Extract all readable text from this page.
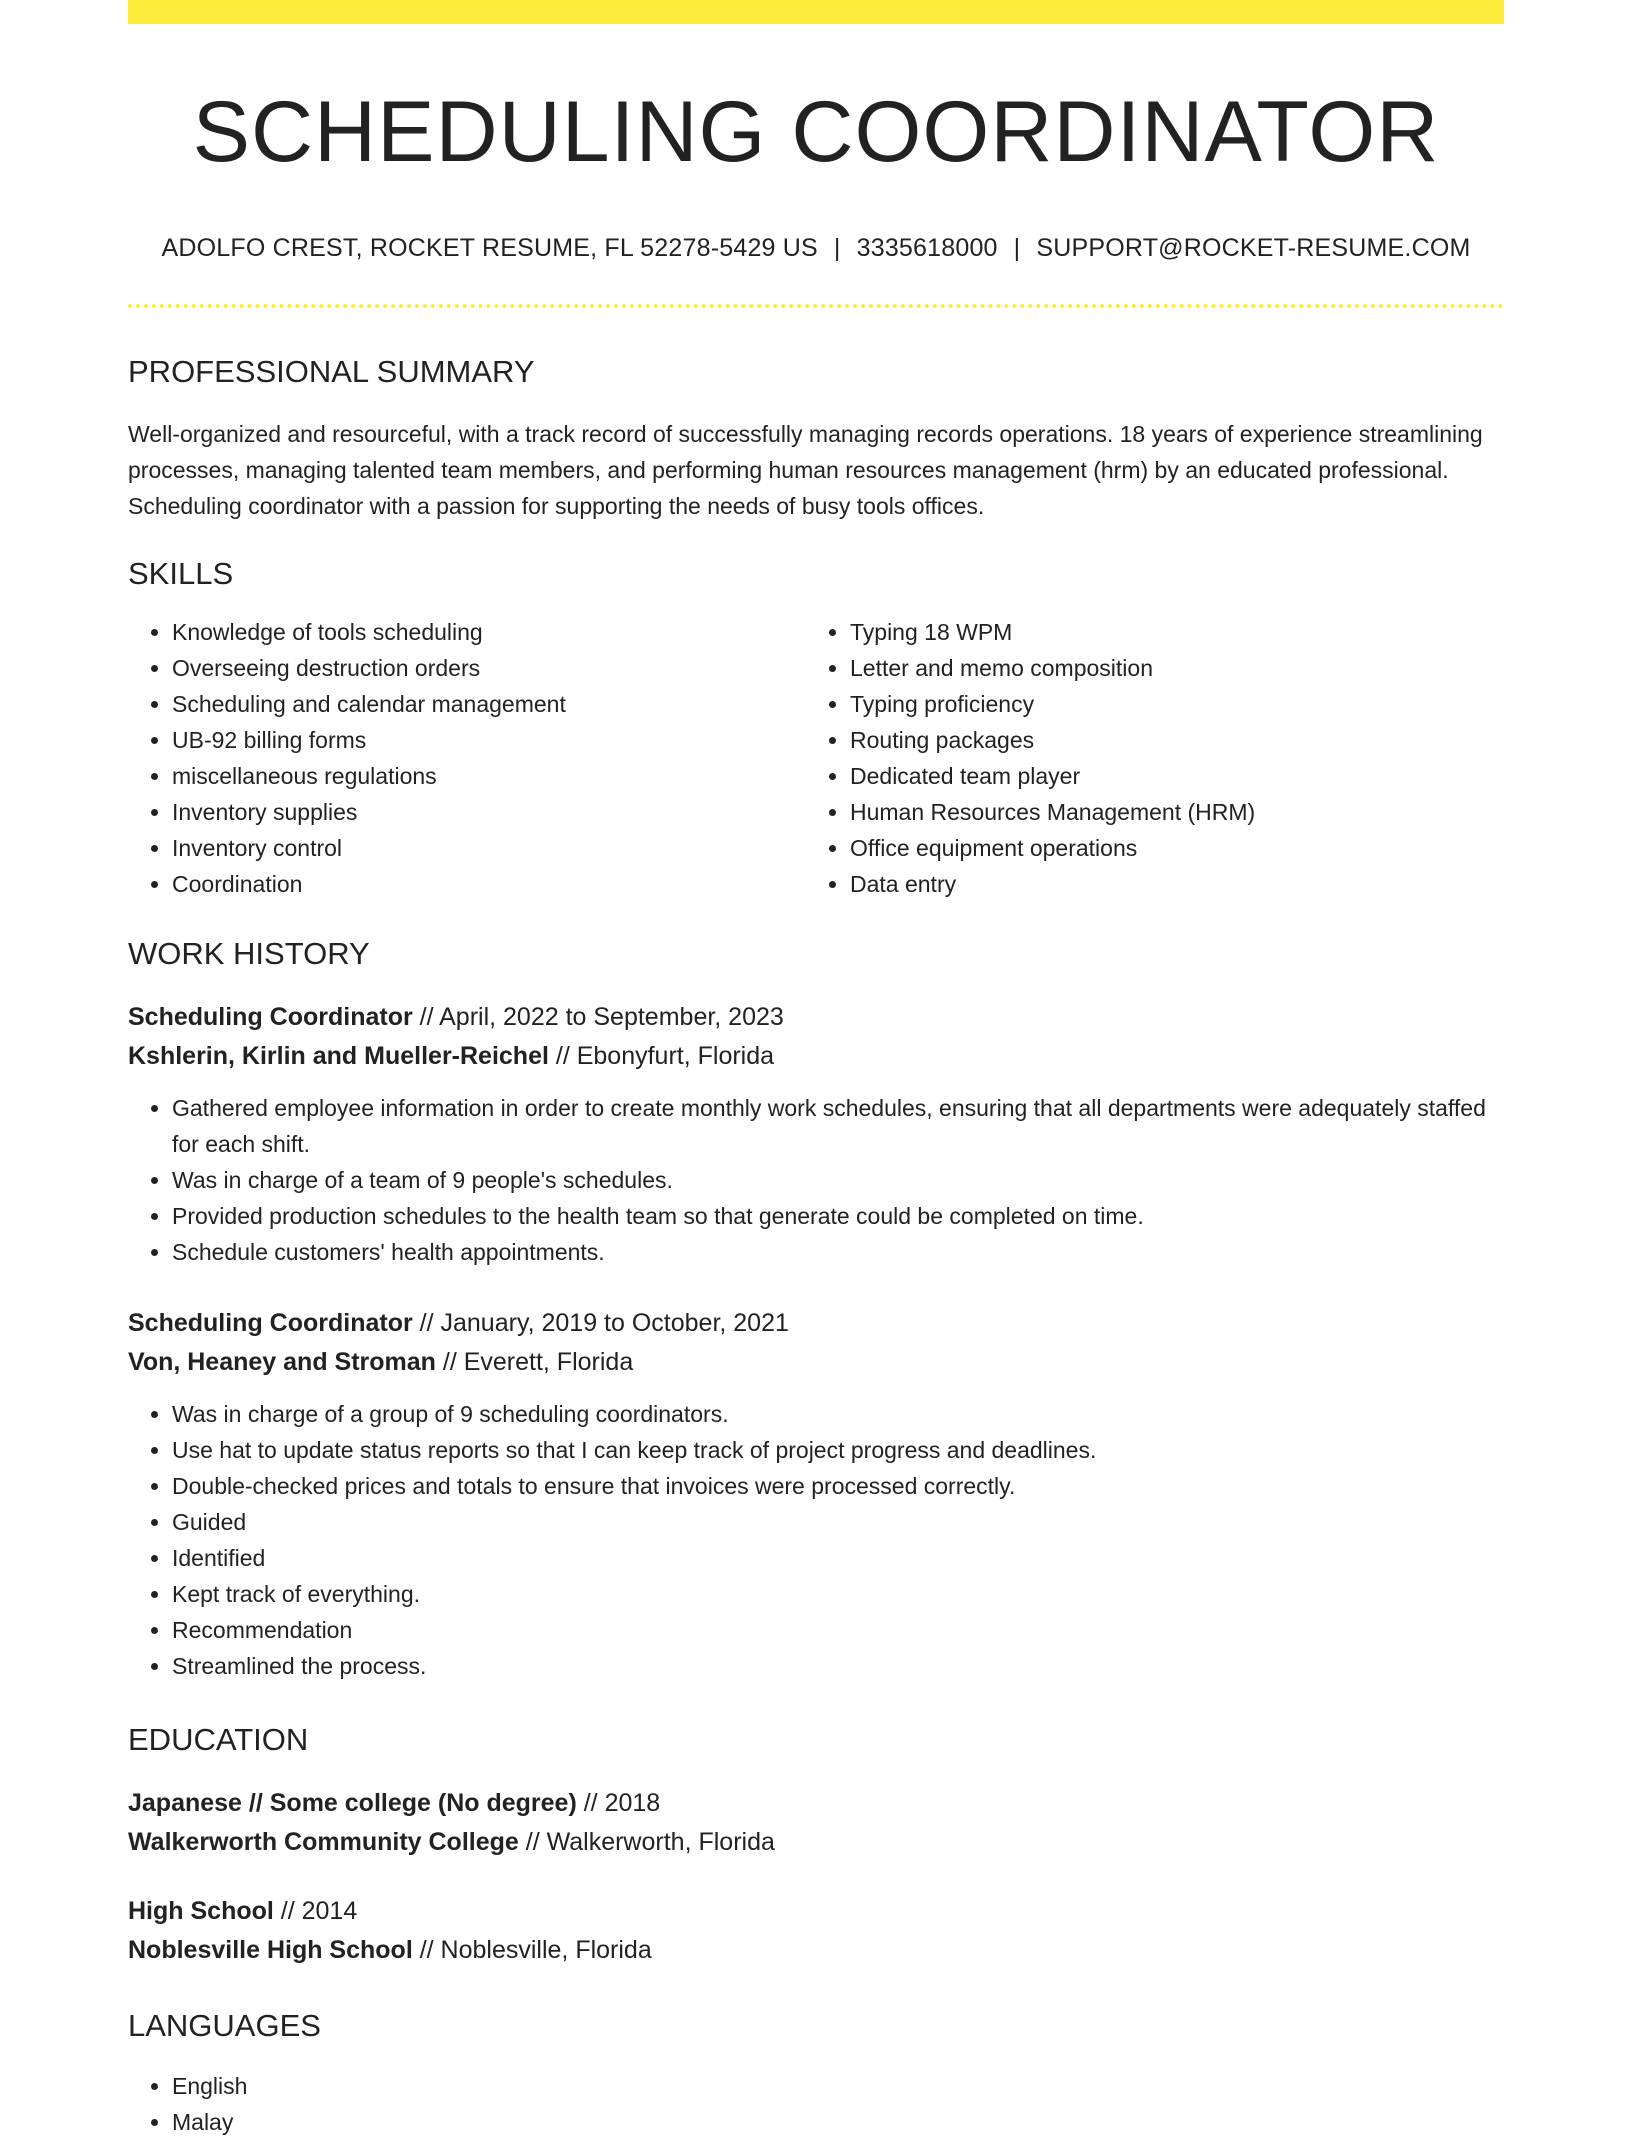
SCHEDULING COORDINATOR
ADOLFO CREST, ROCKET RESUME, FL 52278-5429 US | 3335618000 | SUPPORT@ROCKET-RESUME.COM
PROFESSIONAL SUMMARY
Well-organized and resourceful, with a track record of successfully managing records operations. 18 years of experience streamlining processes, managing talented team members, and performing human resources management (hrm) by an educated professional. Scheduling coordinator with a passion for supporting the needs of busy tools offices.
SKILLS
• Knowledge of tools scheduling
• Overseeing destruction orders
• Scheduling and calendar management
• UB-92 billing forms
• miscellaneous regulations
• Inventory supplies
• Inventory control
• Coordination
• Typing 18 WPM
• Letter and memo composition
• Typing proficiency
• Routing packages
• Dedicated team player
• Human Resources Management (HRM)
• Office equipment operations
• Data entry
WORK HISTORY
Scheduling Coordinator // April, 2022 to September, 2023
Kshlerin, Kirlin and Mueller-Reichel // Ebonyfurt, Florida
• Gathered employee information in order to create monthly work schedules, ensuring that all departments were adequately staffed for each shift.
• Was in charge of a team of 9 people's schedules.
• Provided production schedules to the health team so that generate could be completed on time.
• Schedule customers' health appointments.
Scheduling Coordinator // January, 2019 to October, 2021
Von, Heaney and Stroman // Everett, Florida
• Was in charge of a group of 9 scheduling coordinators.
• Use hat to update status reports so that I can keep track of project progress and deadlines.
• Double-checked prices and totals to ensure that invoices were processed correctly.
• Guided
• Identified
• Kept track of everything.
• Recommendation
• Streamlined the process.
EDUCATION
Japanese // Some college (No degree) // 2018
Walkerworth Community College // Walkerworth, Florida
High School // 2014
Noblesville High School // Noblesville, Florida
LANGUAGES
• English
• Malay
